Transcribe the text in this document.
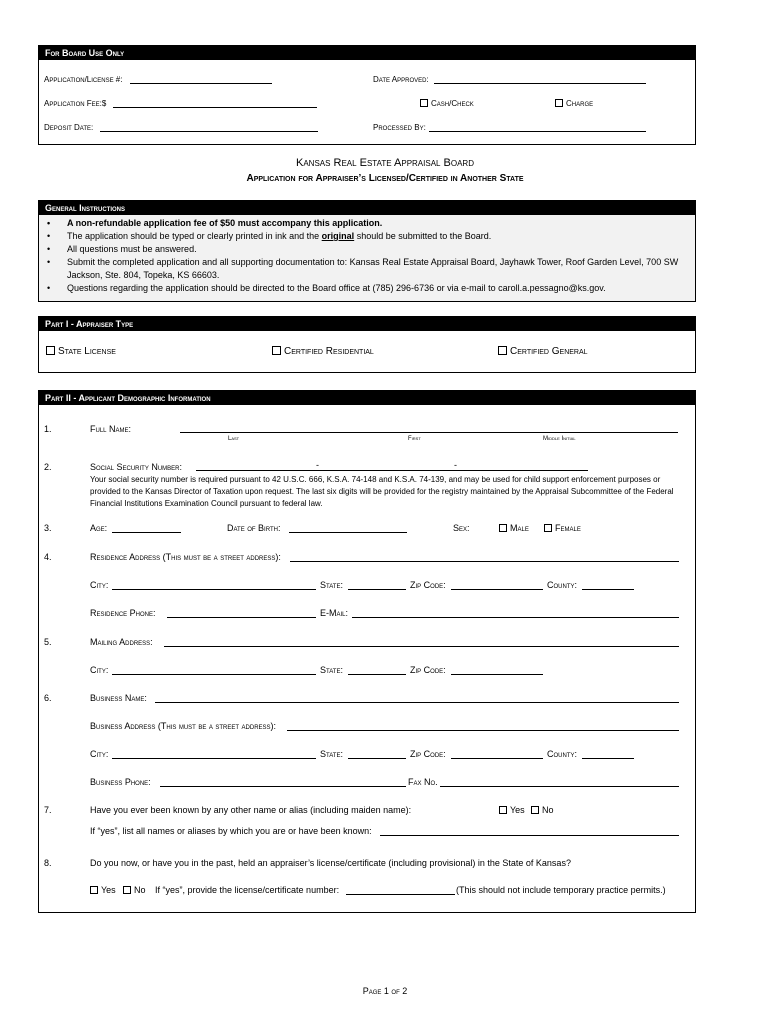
For Board Use Only
Application/License #:	Date Approved:
Application Fee:$	Cash/Check	Charge
Deposit Date:	Processed By:
Kansas Real Estate Appraisal Board
Application for Appraiser’s Licensed/Certified in Another State
General Instructions
• A non-refundable application fee of $50 must accompany this application.
• The application should be typed or clearly printed in ink and the original should be submitted to the Board.
• All questions must be answered.
• Submit the completed application and all supporting documentation to: Kansas Real Estate Appraisal Board, Jayhawk Tower, Roof Garden Level, 700 SW Jackson, Ste. 804, Topeka, KS 66603.
• Questions regarding the application should be directed to the Board office at (785) 296-6736 or via e-mail to caroll.a.pessagno@ks.gov.
Part I - Appraiser Type
State License	Certified Residential	Certified General
Part II - Applicant Demographic Information
1.	Full Name:
Last	First	Middle Initial
2.	Social Security Number:	-	-
Your social security number is required pursuant to 42 U.S.C. 666, K.S.A. 74-148 and K.S.A. 74-139, and may be used for child support enforcement purposes or provided to the Kansas Director of Taxation upon request. The last six digits will be provided for the registry maintained by the Appraisal Subcommittee of the Federal Financial Institutions Examination Council pursuant to federal law.
3.	Age:	Date of Birth:	Sex:	Male	Female
4.	Residence Address (This must be a street address):
City:	State:	Zip Code:	County:
Residence Phone:	E-Mail:
5.	Mailing Address:
City:	State:	Zip Code:
6.	Business Name:
Business Address (This must be a street address):
City:	State:	Zip Code:	County:
Business Phone:	Fax No.
7.	Have you ever been known by any other name or alias (including maiden name):	Yes	No
If “yes”, list all names or aliases by which you are or have been known:
8.	Do you now, or have you in the past, held an appraiser’s license/certificate (including provisional) in the State of Kansas?
Yes	No If “yes”, provide the license/certificate number:	(This should not include temporary practice permits.)
Page 1 of 2
